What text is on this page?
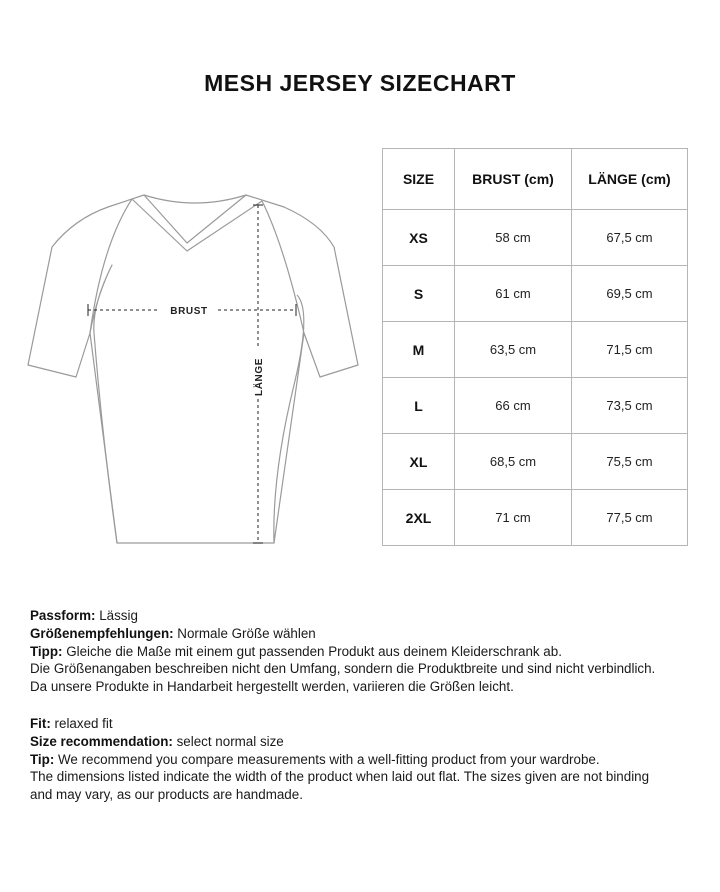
MESH JERSEY SIZECHART
BRUST
LÄNGE
SIZE	BRUST (cm)	LÄNGE (cm)
XS	58 cm	67,5 cm
S	61 cm	69,5 cm
M	63,5 cm	71,5 cm
L	66 cm	73,5 cm
XL	68,5 cm	75,5 cm
2XL	71 cm	77,5 cm

Passform: Lässig

Größenempfehlungen: Normale Größe wählen

Tipp: Gleiche die Maße mit einem gut passenden Produkt aus deinem Kleiderschrank ab.

Die Größenangaben beschreiben nicht den Umfang, sondern die Produktbreite und sind nicht verbindlich.

Da unsere Produkte in Handarbeit hergestellt werden, variieren die Größen leicht.

Fit: relaxed fit

Size recommendation: select normal size

Tip: We recommend you compare measurements with a well-fitting product from your wardrobe.

The dimensions listed indicate the width of the product when laid out flat. The sizes given are not binding

and may vary, as our products are handmade.
